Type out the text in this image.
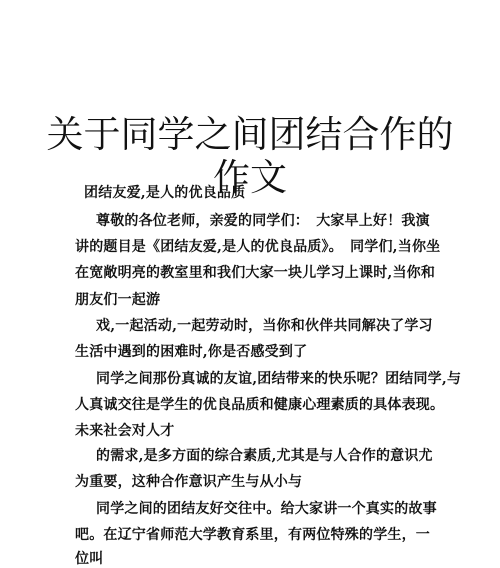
关于同学之间团结合作的
作文
团结友爱,是人的优良品质
尊敬的各位老师，亲爱的同学们：　大家早上好！我演
讲的题目是《团结友爱,是人的优良品质》。　同学们,当你坐
在宽敞明亮的教室里和我们大家一块儿学习上课时,当你和
朋友们一起游
戏,一起活动,一起劳动时，当你和伙伴共同解决了学习
生活中遇到的困难时,你是否感受到了
同学之间那份真诚的友谊,团结带来的快乐呢？团结同学,与
人真诚交往是学生的优良品质和健康心理素质的具体表现。
未来社会对人才
的需求,是多方面的综合素质,尤其是与人合作的意识尤
为重要，这种合作意识产生与从小与
同学之间的团结友好交往中。给大家讲一个真实的故事
吧。在辽宁省师范大学教育系里，有两位特殊的学生，一
位叫
